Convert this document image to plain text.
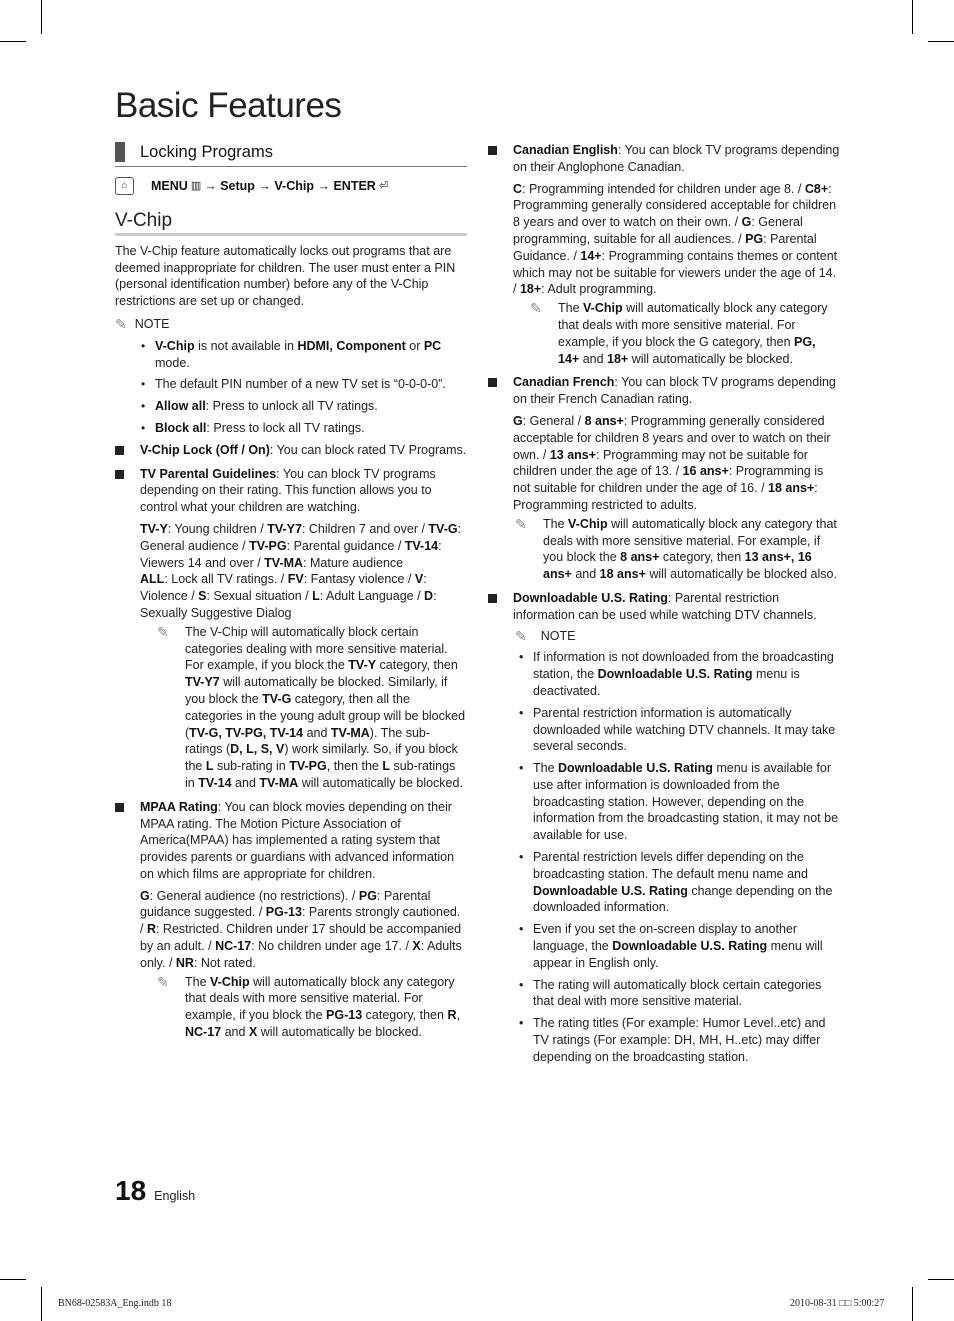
Basic Features
Locking Programs
⌂	MENU ▥ →
Setup
→
V-Chip
→
ENTER ⏎
V-Chip

The V-Chip feature automatically locks out programs that are deemed inappropriate for children. The user must enter a PIN (personal identification number) before any of the V-Chip restrictions are set up or changed.

✎ NOTE
• V-Chip is not available in HDMI, Component or PC mode.
• The default PIN number of a new TV set is “0-0-0-0”.
• Allow all: Press to unlock all TV ratings.
• Block all: Press to lock all TV ratings.
V-Chip Lock (Off / On): You can block rated TV Programs.
TV Parental Guidelines: You can block TV programs depending on their rating. This function allows you to control what your children are watching.

TV-Y: Young children / TV-Y7: Children 7 and over / TV-G: General audience / TV-PG: Parental guidance / TV-14: Viewers 14 and over / TV-MA: Mature audience

ALL: Lock all TV ratings. / FV: Fantasy violence / V: Violence / S: Sexual situation / L: Adult Language / D: Sexually Suggestive Dialog

✎ The V-Chip will automatically block certain categories dealing with more sensitive material. For example, if you block the TV-Y category, then TV-Y7 will automatically be blocked. Similarly, if you block the TV-G category, then all the categories in the young adult group will be blocked (TV-G, TV-PG, TV-14 and TV-MA). The sub-ratings (D, L, S, V) work similarly. So, if you block the L sub-rating in TV-PG, then the L sub-ratings in TV-14 and TV-MA will automatically be blocked.
MPAA Rating: You can block movies depending on their MPAA rating. The Motion Picture Association of America(MPAA) has implemented a rating system that provides parents or guardians with advanced information on which films are appropriate for children.

G: General audience (no restrictions). / PG: Parental guidance suggested. / PG-13: Parents strongly cautioned. / R: Restricted. Children under 17 should be accompanied by an adult. / NC-17: No children under age 17. / X: Adults only. / NR: Not rated.

✎ The V-Chip will automatically block any category that deals with more sensitive material. For example, if you block the PG-13 category, then R, NC-17 and X will automatically be blocked.
Canadian English: You can block TV programs depending on their Anglophone Canadian.

C: Programming intended for children under age 8. / C8+: Programming generally considered acceptable for children 8 years and over to watch on their own. / G: General programming, suitable for all audiences. / PG: Parental Guidance. / 14+: Programming contains themes or content which may not be suitable for viewers under the age of 14. / 18+: Adult programming.

✎ The V-Chip will automatically block any category that deals with more sensitive material. For example, if you block the G category, then PG, 14+ and 18+ will automatically be blocked.
Canadian French: You can block TV programs depending on their French Canadian rating.

G: General / 8 ans+: Programming generally considered acceptable for children 8 years and over to watch on their own. / 13 ans+: Programming may not be suitable for children under the age of 13. / 16 ans+: Programming is not suitable for children under the age of 16. / 18 ans+: Programming restricted to adults.

✎ The V-Chip will automatically block any category that deals with more sensitive material. For example, if you block the 8 ans+ category, then 13 ans+, 16 ans+ and 18 ans+ will automatically be blocked also.
Downloadable U.S. Rating: Parental restriction information can be used while watching DTV channels.
✎ NOTE
• If information is not downloaded from the broadcasting station, the Downloadable U.S. Rating menu is deactivated.
• Parental restriction information is automatically downloaded while watching DTV channels. It may take several seconds.
• The Downloadable U.S. Rating menu is available for use after information is downloaded from the broadcasting station. However, depending on the information from the broadcasting station, it may not be available for use.
• Parental restriction levels differ depending on the broadcasting station. The default menu name and Downloadable U.S. Rating change depending on the downloaded information.
• Even if you set the on-screen display to another language, the Downloadable U.S. Rating menu will appear in English only.
• The rating will automatically block certain categories that deal with more sensitive material.
• The rating titles (For example: Humor Level..etc) and TV ratings (For example: DH, MH, H..etc) may differ depending on the broadcasting station.
18 English
BN68-02583A_Eng.indb 18	2010-08-31 ​□□ 5:00:27
